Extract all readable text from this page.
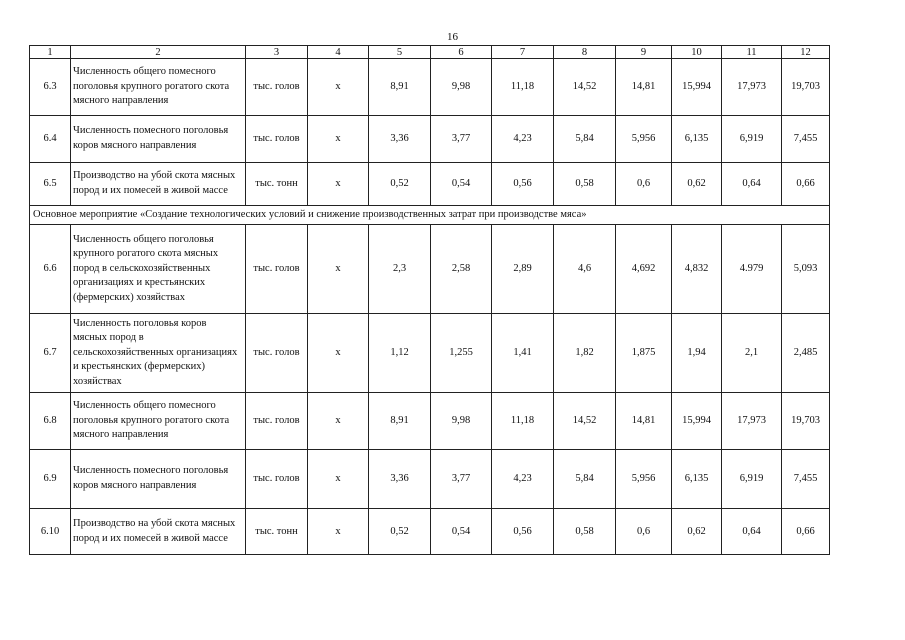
16
1	2	3	4	5	6	7	8	9	10	11	12
6.3	Численность общего помесного поголовья крупного рогатого скота мясного направления	тыс. голов	x	8,91	9,98	11,18	14,52	14,81	15,994	17,973	19,703
6.4	Численность помесного поголовья коров мясного направления	тыс. голов	x	3,36	3,77	4,23	5,84	5,956	6,135	6,919	7,455
6.5	Производство на убой скота мясных пород и их помесей в живой массе	тыс. тонн	x	0,52	0,54	0,56	0,58	0,6	0,62	0,64	0,66
Основное мероприятие «Создание технологических условий и снижение производственных затрат при производстве мяса»											
6.6	Численность общего поголовья крупного рогатого скота мясных пород в сельскохозяйственных организациях и крестьянских (фермерских) хозяйствах	тыс. голов	x	2,3	2,58	2,89	4,6	4,692	4,832	4.979	5,093
6.7	Численность поголовья коров мясных пород в сельскохозяйственных организациях и крестьянских (фермерских) хозяйствах	тыс. голов	x	1,12	1,255	1,41	1,82	1,875	1,94	2,1	2,485
6.8	Численность общего помесного поголовья крупного рогатого скота мясного направления	тыс. голов	x	8,91	9,98	11,18	14,52	14,81	15,994	17,973	19,703
6.9	Численность помесного поголовья коров мясного направления	тыс. голов	x	3,36	3,77	4,23	5,84	5,956	6,135	6,919	7,455
6.10	Производство на убой скота мясных пород и их помесей в живой массе	тыс. тонн	x	0,52	0,54	0,56	0,58	0,6	0,62	0,64	0,66
